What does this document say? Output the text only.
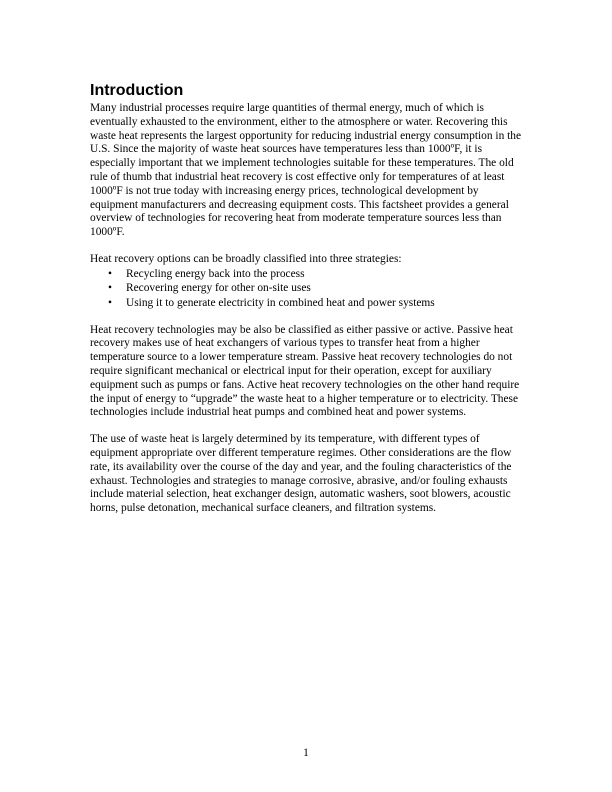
Introduction

Many industrial processes require large quantities of thermal energy, much of which is eventually exhausted to the environment, either to the atmosphere or water. Recovering this waste heat represents the largest opportunity for reducing industrial energy consumption in the U.S. Since the majority of waste heat sources have temperatures less than 1000ºF, it is especially important that we implement technologies suitable for these temperatures. The old rule of thumb that industrial heat recovery is cost effective only for temperatures of at least 1000ºF is not true today with increasing energy prices, technological development by equipment manufacturers and decreasing equipment costs. This factsheet provides a general overview of technologies for recovering heat from moderate temperature sources less than 1000ºF.

Heat recovery options can be broadly classified into three strategies:

• Recycling energy back into the process
• Recovering energy for other on-site uses
• Using it to generate electricity in combined heat and power systems

Heat recovery technologies may be also be classified as either passive or active. Passive heat recovery makes use of heat exchangers of various types to transfer heat from a higher temperature source to a lower temperature stream. Passive heat recovery technologies do not require significant mechanical or electrical input for their operation, except for auxiliary equipment such as pumps or fans. Active heat recovery technologies on the other hand require the input of energy to “upgrade” the waste heat to a higher temperature or to electricity. These technologies include industrial heat pumps and combined heat and power systems.

The use of waste heat is largely determined by its temperature, with different types of equipment appropriate over different temperature regimes. Other considerations are the flow rate, its availability over the course of the day and year, and the fouling characteristics of the exhaust. Technologies and strategies to manage corrosive, abrasive, and/or fouling exhausts include material selection, heat exchanger design, automatic washers, soot blowers, acoustic horns, pulse detonation, mechanical surface cleaners, and filtration systems.

1
